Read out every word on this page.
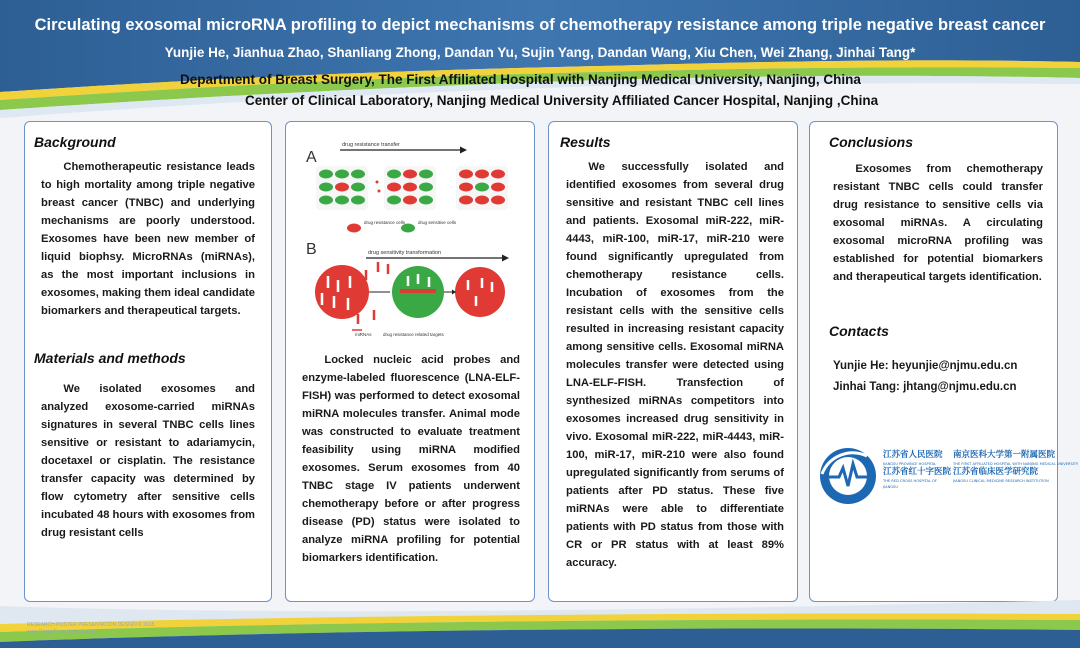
Circulating exosomal microRNA profiling to depict mechanisms of chemotherapy resistance among triple negative breast cancer
Yunjie He, Jianhua Zhao, Shanliang Zhong, Dandan Yu, Sujin Yang, Dandan Wang, Xiu Chen, Wei Zhang, Jinhai Tang*
Department of Breast Surgery, The First Affiliated Hospital with Nanjing Medical University, Nanjing, China
Center of Clinical Laboratory, Nanjing Medical University Affiliated Cancer Hospital, Nanjing ,China
Background
Chemotherapeutic resistance leads to high mortality among triple negative breast cancer (TNBC) and underlying mechanisms are poorly understood. Exosomes have been new member of liquid biophsy. MicroRNAs (miRNAs), as the most important inclusions in exosomes, making them ideal candidate biomarkers and therapeutical targets.
Materials and methods
We isolated exosomes and analyzed exosome-carried miRNAs signatures in several TNBC cells lines sensitive or resistant to adariamycin, docetaxel or cisplatin. The resistance transfer capacity was determined by flow cytometry after sensitive cells incubated 48 hours with exosomes from drug resistant cells
A
drug resistance transfer
drug resistance cells	drug sensitive cells
B	drug sensitivity transformation
miRNAs	drug resistance related targets
Locked nucleic acid probes and enzyme-labeled fluorescence (LNA-ELF-FISH) was performed to detect exosomal miRNA molecules transfer. Animal mode was constructed to evaluate treatment feasibility using miRNA modified exosomes. Serum exosomes from 40 TNBC stage IV patients underwent chemotherapy before or after progress disease (PD) status were isolated to analyze miRNA profiling for potential biomarkers identification.
Results
We successfully isolated and identified exosomes from several drug sensitive and resistant TNBC cell lines and patients. Exosomal miR-222, miR-4443, miR-100, miR-17, miR-210 were found significantly upregulated from chemotherapy resistance cells. Incubation of exosomes from the resistant cells with the sensitive cells resulted in increasing resistant capacity among sensitive cells. Exosomal miRNA molecules transfer were detected using LNA-ELF-FISH. Transfection of synthesized miRNAs competitors into exosomes increased drug sensitivity in vivo. Exosomal miR-222, miR-4443, miR-100, miR-17, miR-210 were also found upregulated significantly from serums of patients after PD status. These five miRNAs were able to differentiate patients with PD status from those with CR or PR status with at least 89% accuracy.
Conclusions
Exosomes from chemotherapy resistant TNBC cells could transfer drug resistance to sensitive cells via exosomal miRNAs. A circulating exosomal microRNA profiling was established for potential biomarkers and therapeutical targets identification.
Contacts
Yunjie He: heyunjie@njmu.edu.cn
Jinhai Tang: jhtang@njmu.edu.cn
江苏省人民医院
JIANGSU PROVINCE HOSPITAL
江苏省红十字医院
THE RED CROSS HOSPITAL OF JIANGSU
南京医科大学第一附属医院
THE FIRST AFFILIATED HOSPITAL WITH NANJING MEDICAL UNIVERSITY
江苏省临床医学研究院
JIANGSU CLINICAL MEDICINE RESEARCH INSTITUTION
RESEARCH POSTER PRESENTATION DESIGN © 2015
www.PosterPresentations.com
